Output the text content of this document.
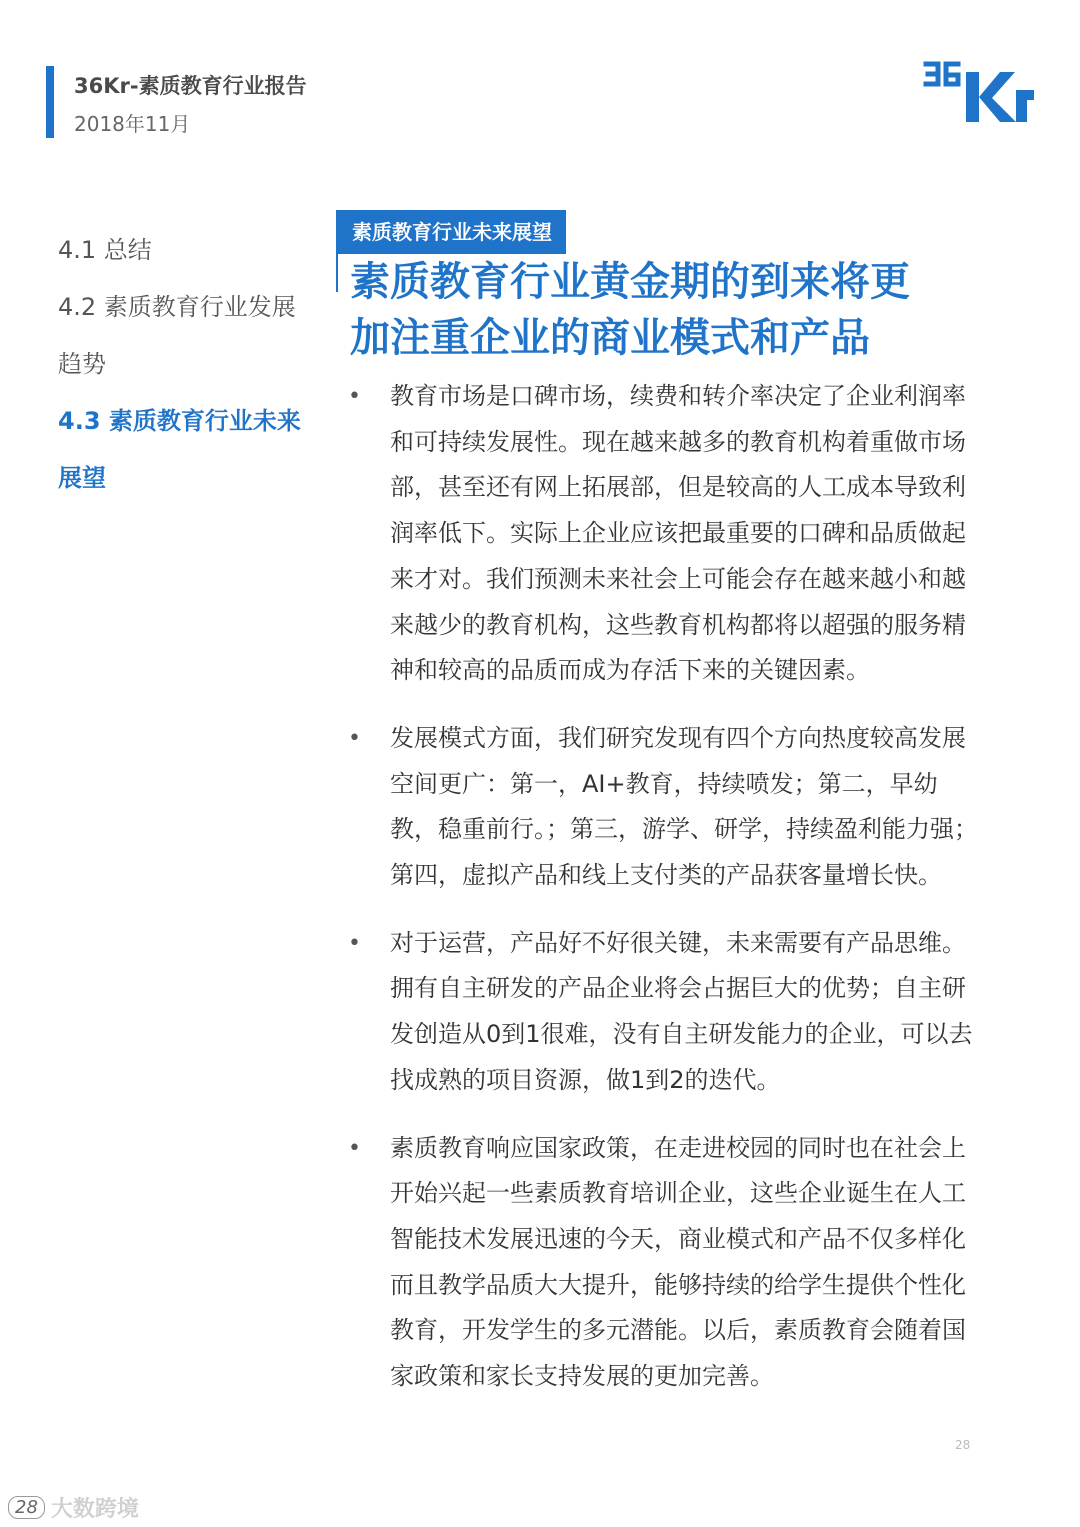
36Kr-素质教育行业报告
2018年11月
4.1 总结
4.2 素质教育行业发展
趋势
4.3 素质教育行业未来
展望
素质教育行业未来展望
素质教育行业黄金期的到来将更
加注重企业的商业模式和产品
• 教育市场是口碑市场，续费和转介率决定了企业利润率和可持续发展性。现在越来越多的教育机构着重做市场部，甚至还有网上拓展部，但是较高的人工成本导致利润率低下。实际上企业应该把最重要的口碑和品质做起来才对。我们预测未来社会上可能会存在越来越小和越来越少的教育机构，这些教育机构都将以超强的服务精神和较高的品质而成为存活下来的关键因素。
• 发展模式方面，我们研究发现有四个方向热度较高发展空间更广：第一，AI+教育，持续喷发；第二，早幼教，稳重前行。；第三，游学、研学，持续盈利能力强；第四，虚拟产品和线上支付类的产品获客量增长快。
• 对于运营，产品好不好很关键，未来需要有产品思维。拥有自主研发的产品企业将会占据巨大的优势；自主研发创造从0到1很难，没有自主研发能力的企业，可以去找成熟的项目资源，做1到2的迭代。
• 素质教育响应国家政策，在走进校园的同时也在社会上开始兴起一些素质教育培训企业，这些企业诞生在人工智能技术发展迅速的今天，商业模式和产品不仅多样化而且教学品质大大提升，能够持续的给学生提供个性化教育，开发学生的多元潜能。以后，素质教育会随着国家政策和家长支持发展的更加完善。
28
28 大数跨境
